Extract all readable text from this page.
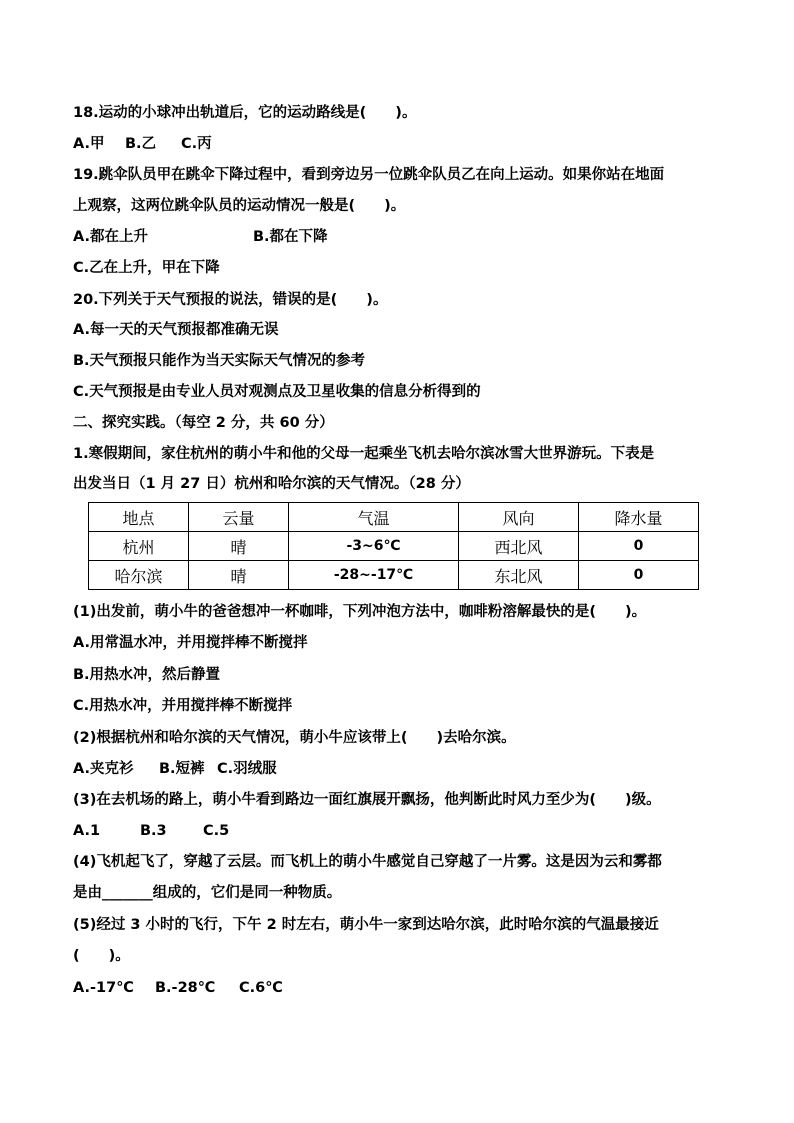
18.运动的小球冲出轨道后，它的运动路线是(　　)。
A.甲 B.乙 C.丙
19.跳伞队员甲在跳伞下降过程中，看到旁边另一位跳伞队员乙在向上运动。如果你站在地面
上观察，这两位跳伞队员的运动情况一般是(　　)。
A.都在上升	B.都在下降
C.乙在上升，甲在下降
20.下列关于天气预报的说法，错误的是(　　)。
A.每一天的天气预报都准确无误
B.天气预报只能作为当天实际天气情况的参考
C.天气预报是由专业人员对观测点及卫星收集的信息分析得到的
二、探究实践。（每空 2 分，共 60 分）
1.寒假期间，家住杭州的萌小牛和他的父母一起乘坐飞机去哈尔滨冰雪大世界游玩。下表是
出发当日（1 月 27 日）杭州和哈尔滨的天气情况。（28 分）
地点	云量	气温	风向	降水量
杭州	晴	-3~6℃	西北风	0
哈尔滨	晴	-28~-17℃	东北风	0
(1)出发前，萌小牛的爸爸想冲一杯咖啡，下列冲泡方法中，咖啡粉溶解最快的是(　　)。
A.用常温水冲，并用搅拌棒不断搅拌
B.用热水冲，然后静置
C.用热水冲，并用搅拌棒不断搅拌
(2)根据杭州和哈尔滨的天气情况，萌小牛应该带上(　　)去哈尔滨。
A.夹克衫 B.短裤 C.羽绒服
(3)在去机场的路上，萌小牛看到路边一面红旗展开飘扬，他判断此时风力至少为(　　)级。
A.1	B.3	C.5
(4)飞机起飞了，穿越了云层。而飞机上的萌小牛感觉自己穿越了一片雾。这是因为云和雾都
是由_______组成的，它们是同一种物质。
(5)经过 3 小时的飞行，下午 2 时左右，萌小牛一家到达哈尔滨，此时哈尔滨的气温最接近
(　　)。
A.-17℃ B.-28℃ C.6℃
